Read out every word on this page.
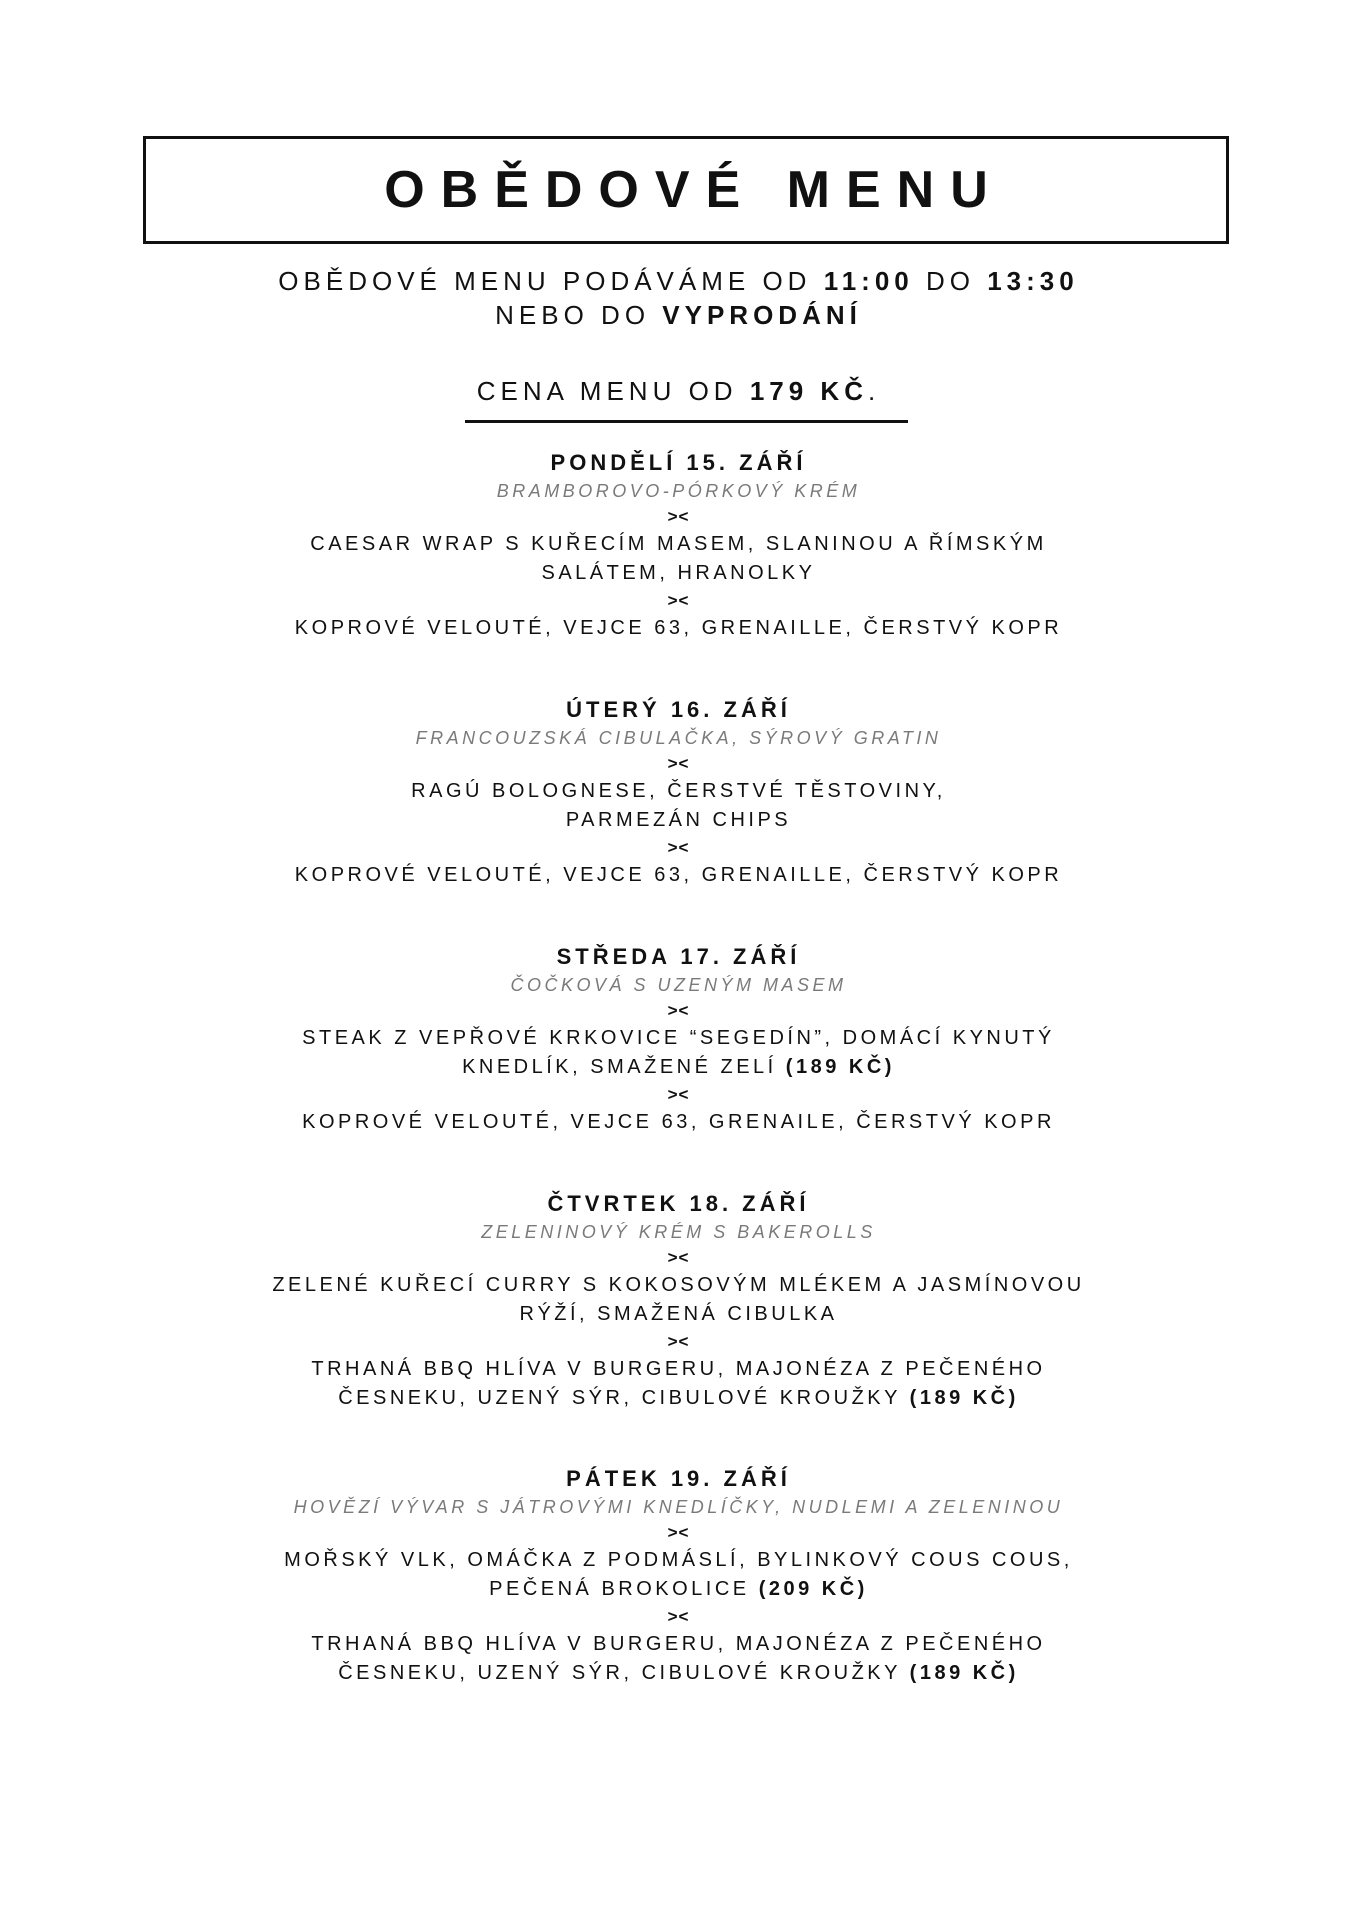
OBĚDOVÉ MENU
OBĚDOVÉ MENU PODÁVÁME OD 11:00 DO 13:30
NEBO DO VYPRODÁNÍ
CENA MENU OD 179 KČ.
PONDĚLÍ 15. ZÁŘÍ
BRAMBOROVO-PÓRKOVÝ KRÉM
><
CAESAR WRAP S KUŘECÍM MASEM, SLANINOU A ŘÍMSKÝM
SALÁTEM, HRANOLKY
><
KOPROVÉ VELOUTÉ, VEJCE 63, GRENAILLE, ČERSTVÝ KOPR
ÚTERÝ 16. ZÁŘÍ
FRANCOUZSKÁ CIBULAČKA, SÝROVÝ GRATIN
><
RAGÚ BOLOGNESE, ČERSTVÉ TĚSTOVINY,
PARMEZÁN CHIPS
><
KOPROVÉ VELOUTÉ, VEJCE 63, GRENAILLE, ČERSTVÝ KOPR
STŘEDA 17. ZÁŘÍ
ČOČKOVÁ S UZENÝM MASEM
><
STEAK Z VEPŘOVÉ KRKOVICE “SEGEDÍN”, DOMÁCÍ KYNUTÝ
KNEDLÍK, SMAŽENÉ ZELÍ (189 KČ)
><
KOPROVÉ VELOUTÉ, VEJCE 63, GRENAILE, ČERSTVÝ KOPR
ČTVRTEK 18. ZÁŘÍ
ZELENINOVÝ KRÉM S BAKEROLLS
><
ZELENÉ KUŘECÍ CURRY S KOKOSOVÝM MLÉKEM A JASMÍNOVOU
RÝŽÍ, SMAŽENÁ CIBULKA
><
TRHANÁ BBQ HLÍVA V BURGERU, MAJONÉZA Z PEČENÉHO
ČESNEKU, UZENÝ SÝR, CIBULOVÉ KROUŽKY (189 KČ)
PÁTEK 19. ZÁŘÍ
HOVĚZÍ VÝVAR S JÁTROVÝMI KNEDLÍČKY, NUDLEMI A ZELENINOU
><
MOŘSKÝ VLK, OMÁČKA Z PODMÁSLÍ, BYLINKOVÝ COUS COUS,
PEČENÁ BROKOLICE (209 KČ)
><
TRHANÁ BBQ HLÍVA V BURGERU, MAJONÉZA Z PEČENÉHO
ČESNEKU, UZENÝ SÝR, CIBULOVÉ KROUŽKY (189 KČ)
